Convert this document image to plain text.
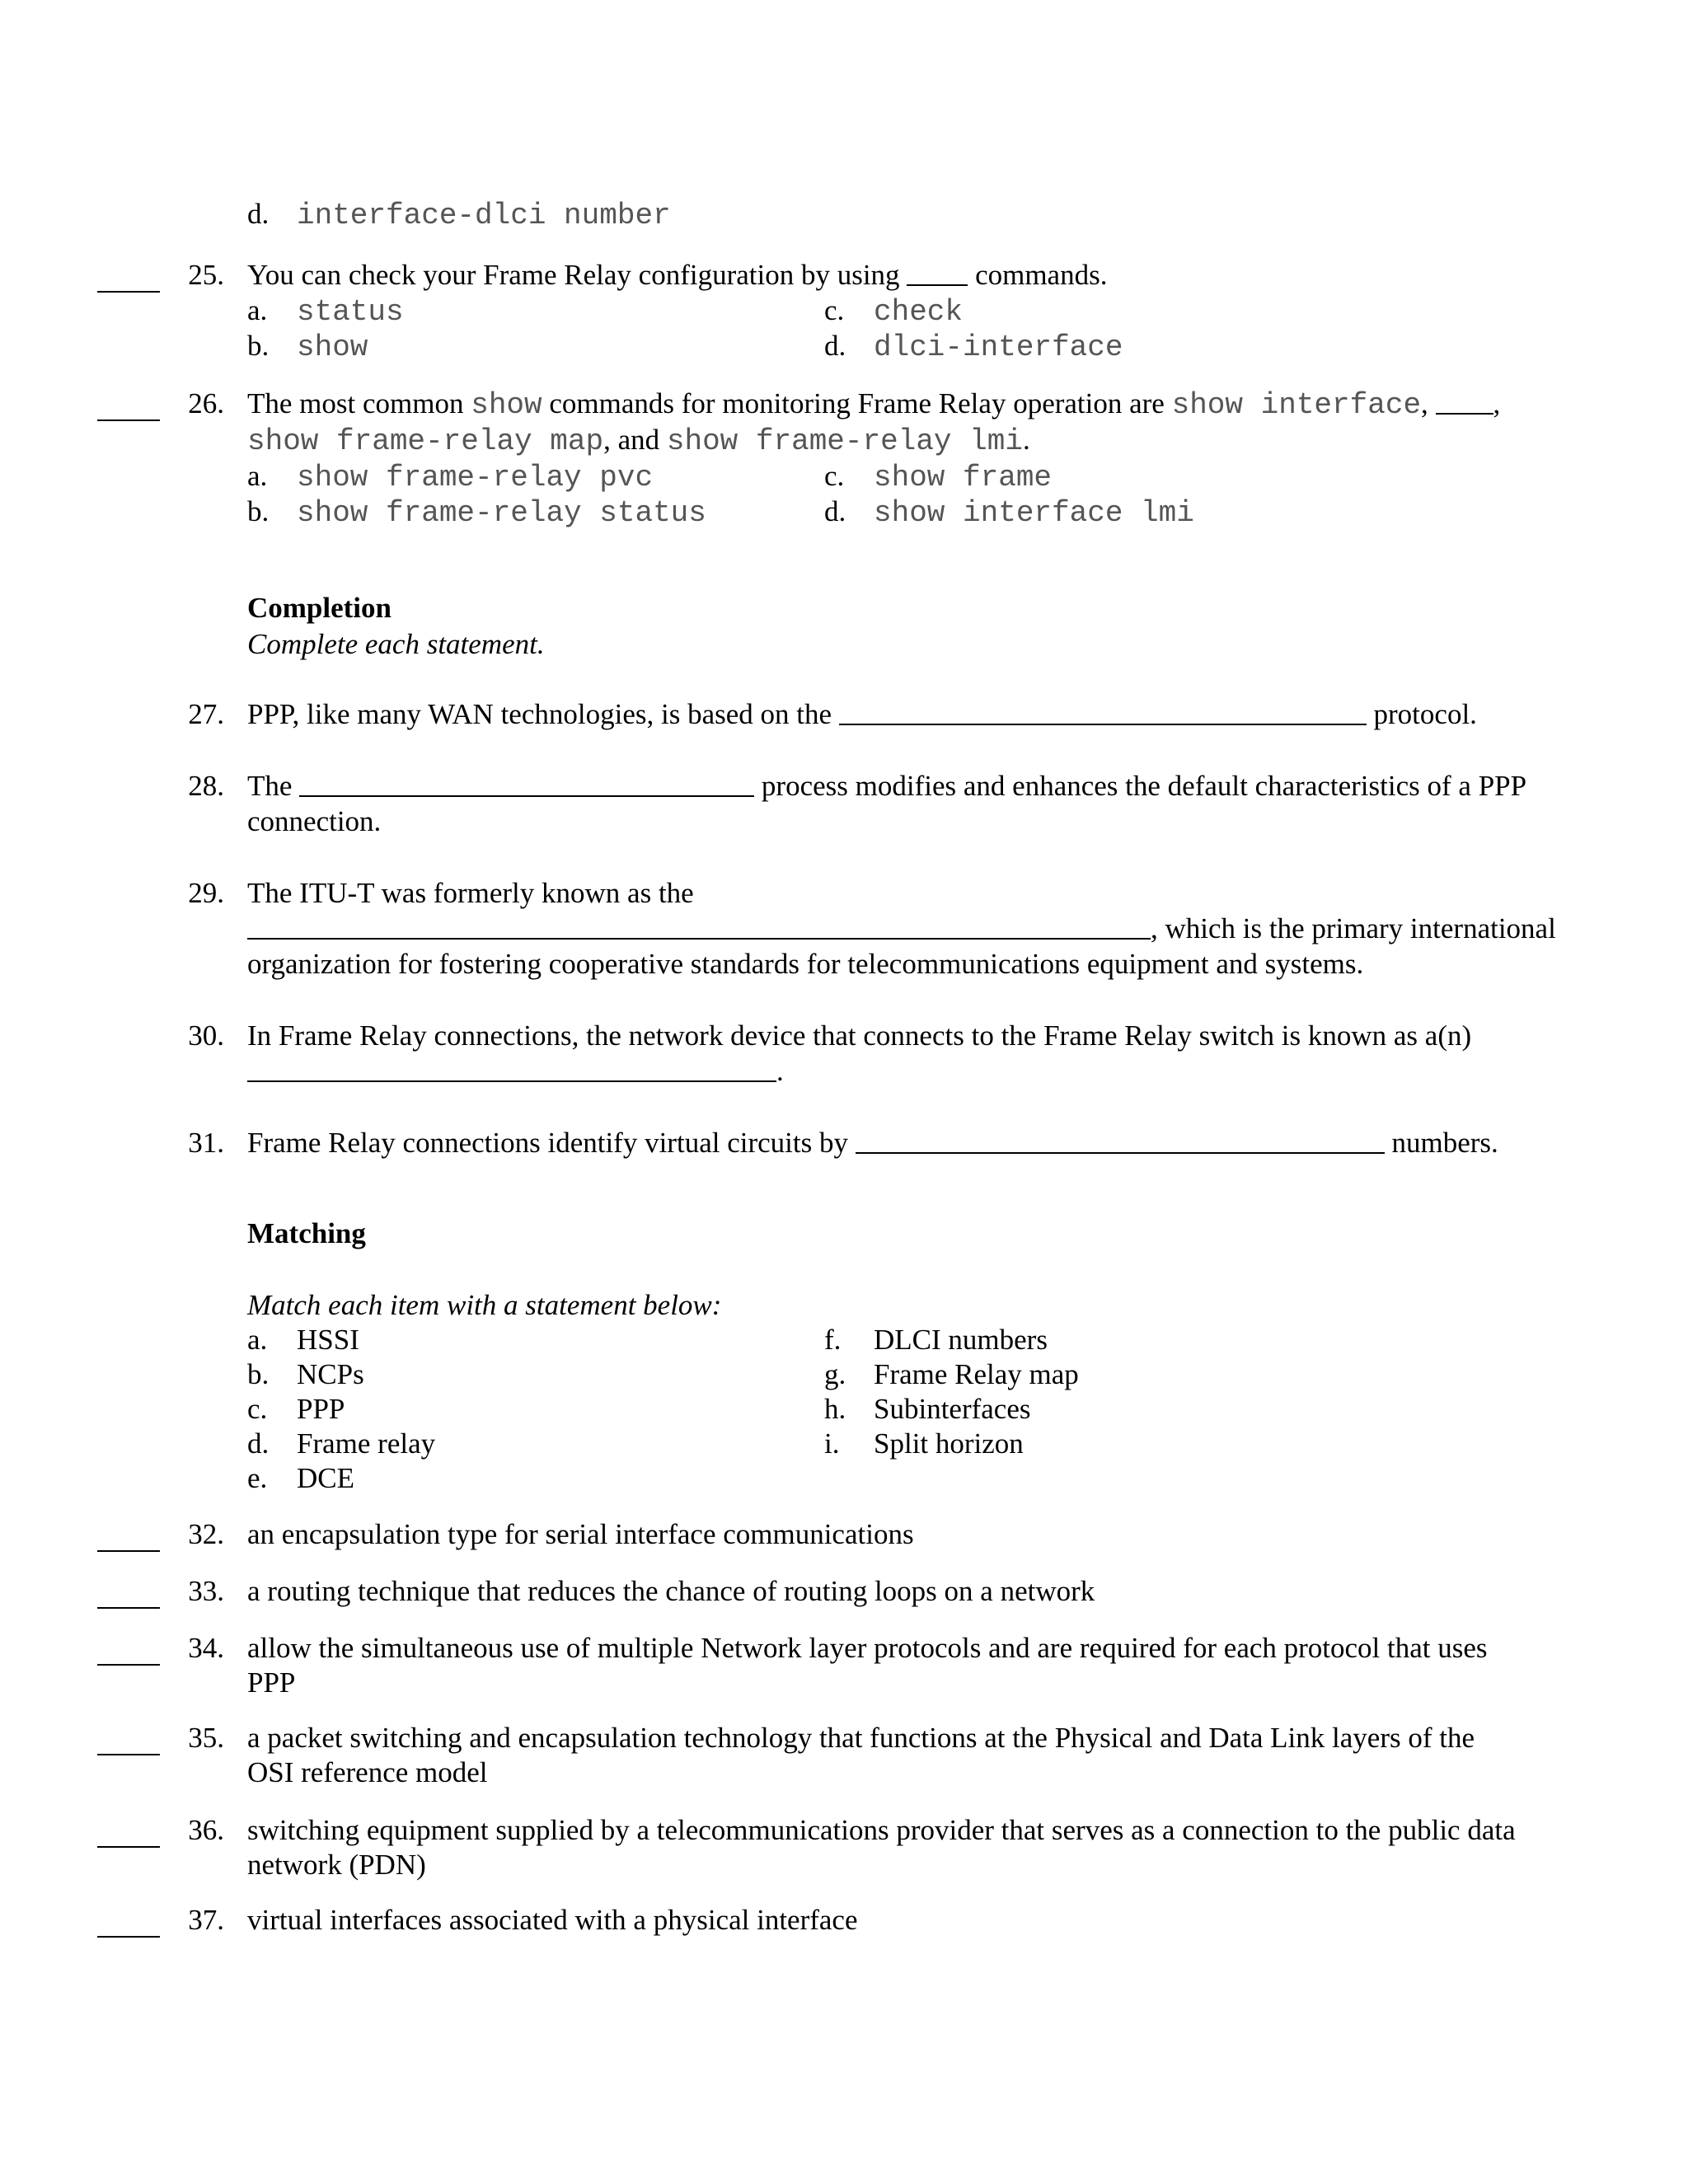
d. interface-dlci number
25. You can check your Frame Relay configuration by using  commands.
a. status
b. show
c. check
d. dlci-interface
26. The most common show commands for monitoring Frame Relay operation are show interface, ,
show frame-relay map, and show frame-relay lmi.
a. show frame-relay pvc
b. show frame-relay status
c. show frame
d. show interface lmi
Completion
Complete each statement.
27. PPP, like many WAN technologies, is based on the	protocol.
28. The	process modifies and enhances the default characteristics of a PPP
connection.
29. The ITU-T was formerly known as the
, which is the primary international
organization for fostering cooperative standards for telecommunications equipment and systems.
30. In Frame Relay connections, the network device that connects to the Frame Relay switch is known as a(n)
.
31. Frame Relay connections identify virtual circuits by	numbers.
Matching
Match each item with a statement below:
a. HSSI
b. NCPs
c. PPP
d. Frame relay
e. DCE
f. DLCI numbers
g. Frame Relay map
h. Subinterfaces
i. Split horizon
32. an encapsulation type for serial interface communications
33. a routing technique that reduces the chance of routing loops on a network
34. allow the simultaneous use of multiple Network layer protocols and are required for each protocol that uses
PPP
35. a packet switching and encapsulation technology that functions at the Physical and Data Link layers of the
OSI reference model
36. switching equipment supplied by a telecommunications provider that serves as a connection to the public data
network (PDN)
37. virtual interfaces associated with a physical interface
